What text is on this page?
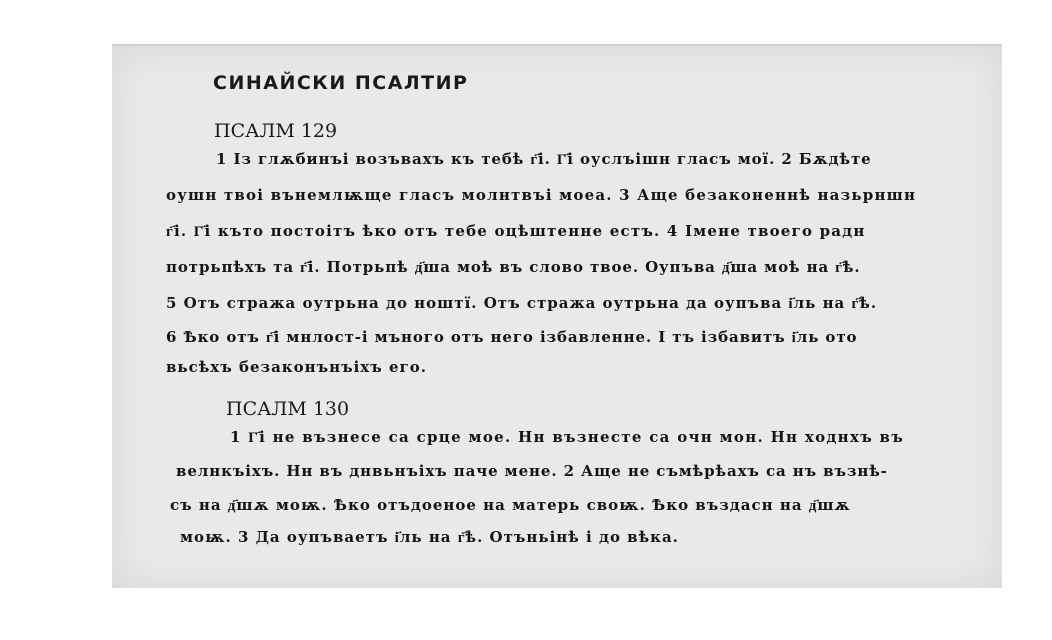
СИНАЙСКИ ПСАЛТИР
ПСАЛМ 129
1 Ӏз глѫбинъі возъвахъ къ тебѣ г҃і. Г҃і оуслъішн гласъ мої. 2 Бѫдѣте
оушн твоі вънемлѭще гласъ молнтвъі моеа. 3 Аще безаконеннѣ назьрншн
г҃і. Г҃і къто постоітъ ѣко отъ тебе оцѣштенне естъ. 4 Ӏмене твоего радн
потрьпѣхъ та г҃і. Потрьпѣ д҃ша моѣ въ слово твое. Оупъва д҃ша моѣ на г҃ѣ.
5 Отъ стража оутрьна до ноштї. Отъ стража оутрьна да оупъва і҃ль на г҃ѣ.
6 Ѣко отъ г҃і мнлост-і мъного отъ него ізбавленне. Ӏ тъ ізбавитъ і҃ль ото
вьсѣхъ безаконънъіхъ его.
ПСАЛМ 130
1 Г҃і не възнесе са срце мое. Нн възнесте са очн мон. Нн ходнхъ въ
велнкъіхъ. Нн въ днвьнъіхъ паче мене. 2 Аще не съмѣрѣахъ са нъ възнѣ-
съ на д҃шѫ моѭ. Ѣко отъдоеное на матерь своѭ. Ѣко въздасн на д҃шѫ
моѭ. 3 Да оупъваетъ і҃ль на г҃ѣ. Отъньінѣ і до вѣка.
